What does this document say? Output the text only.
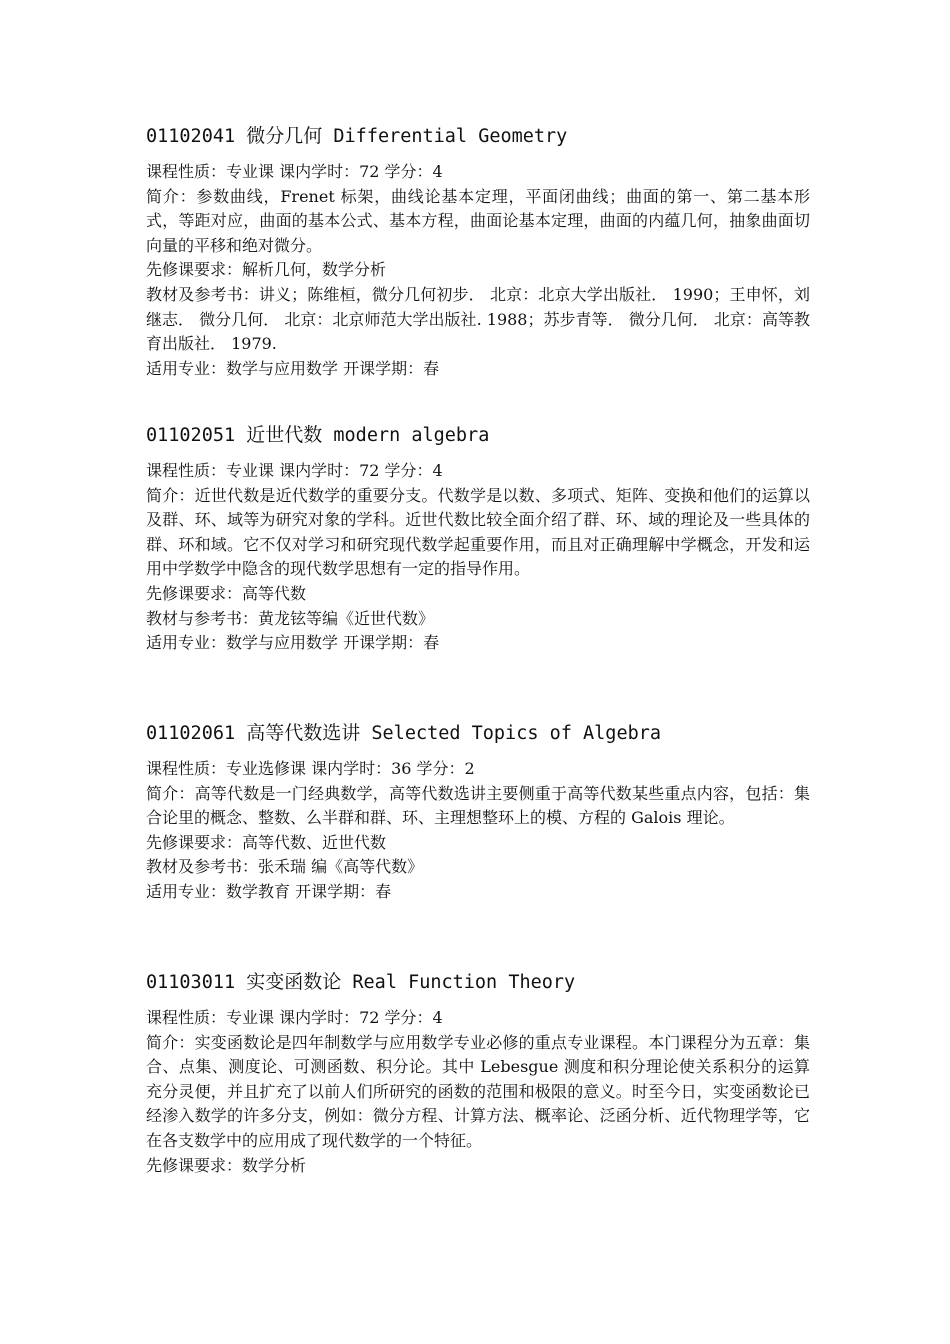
01102041 微分几何 Differential Geometry

课程性质：专业课 课内学时：72 学分：4

简介：参数曲线，Frenet 标架，曲线论基本定理，平面闭曲线；曲面的第一、第二基本形式，等距对应，曲面的基本公式、基本方程，曲面论基本定理，曲面的内蕴几何，抽象曲面切向量的平移和绝对微分。

先修课要求：解析几何，数学分析

教材及参考书：讲义；陈维桓，微分几何初步． 北京：北京大学出版社． 1990；王申怀，刘继志． 微分几何． 北京：北京师范大学出版社. 1988；苏步青等． 微分几何． 北京：高等教育出版社． 1979.

适用专业：数学与应用数学 开课学期：春

01102051 近世代数 modern algebra

课程性质：专业课 课内学时：72 学分：4

简介：近世代数是近代数学的重要分支。代数学是以数、多项式、矩阵、变换和他们的运算以及群、环、域等为研究对象的学科。近世代数比较全面介绍了群、环、域的理论及一些具体的群、环和域。它不仅对学习和研究现代数学起重要作用，而且对正确理解中学概念，开发和运用中学数学中隐含的现代数学思想有一定的指导作用。

先修课要求：高等代数

教材与参考书：黄龙铉等编《近世代数》

适用专业：数学与应用数学 开课学期：春

01102061 高等代数选讲 Selected Topics of Algebra

课程性质：专业选修课 课内学时：36 学分：2

简介：高等代数是一门经典数学，高等代数选讲主要侧重于高等代数某些重点内容，包括：集合论里的概念、整数、么半群和群、环、主理想整环上的模、方程的 Galois 理论。

先修课要求：高等代数、近世代数

教材及参考书：张禾瑞 编《高等代数》

适用专业：数学教育 开课学期：春

01103011 实变函数论 Real Function Theory

课程性质：专业课 课内学时：72 学分：4

简介：实变函数论是四年制数学与应用数学专业必修的重点专业课程。本门课程分为五章：集合、点集、测度论、可测函数、积分论。其中 Lebesgue 测度和积分理论使关系积分的运算充分灵便，并且扩充了以前人们所研究的函数的范围和极限的意义。时至今日，实变函数论已经渗入数学的许多分支，例如：微分方程、计算方法、概率论、泛函分析、近代物理学等，它在各支数学中的应用成了现代数学的一个特征。

先修课要求：数学分析
